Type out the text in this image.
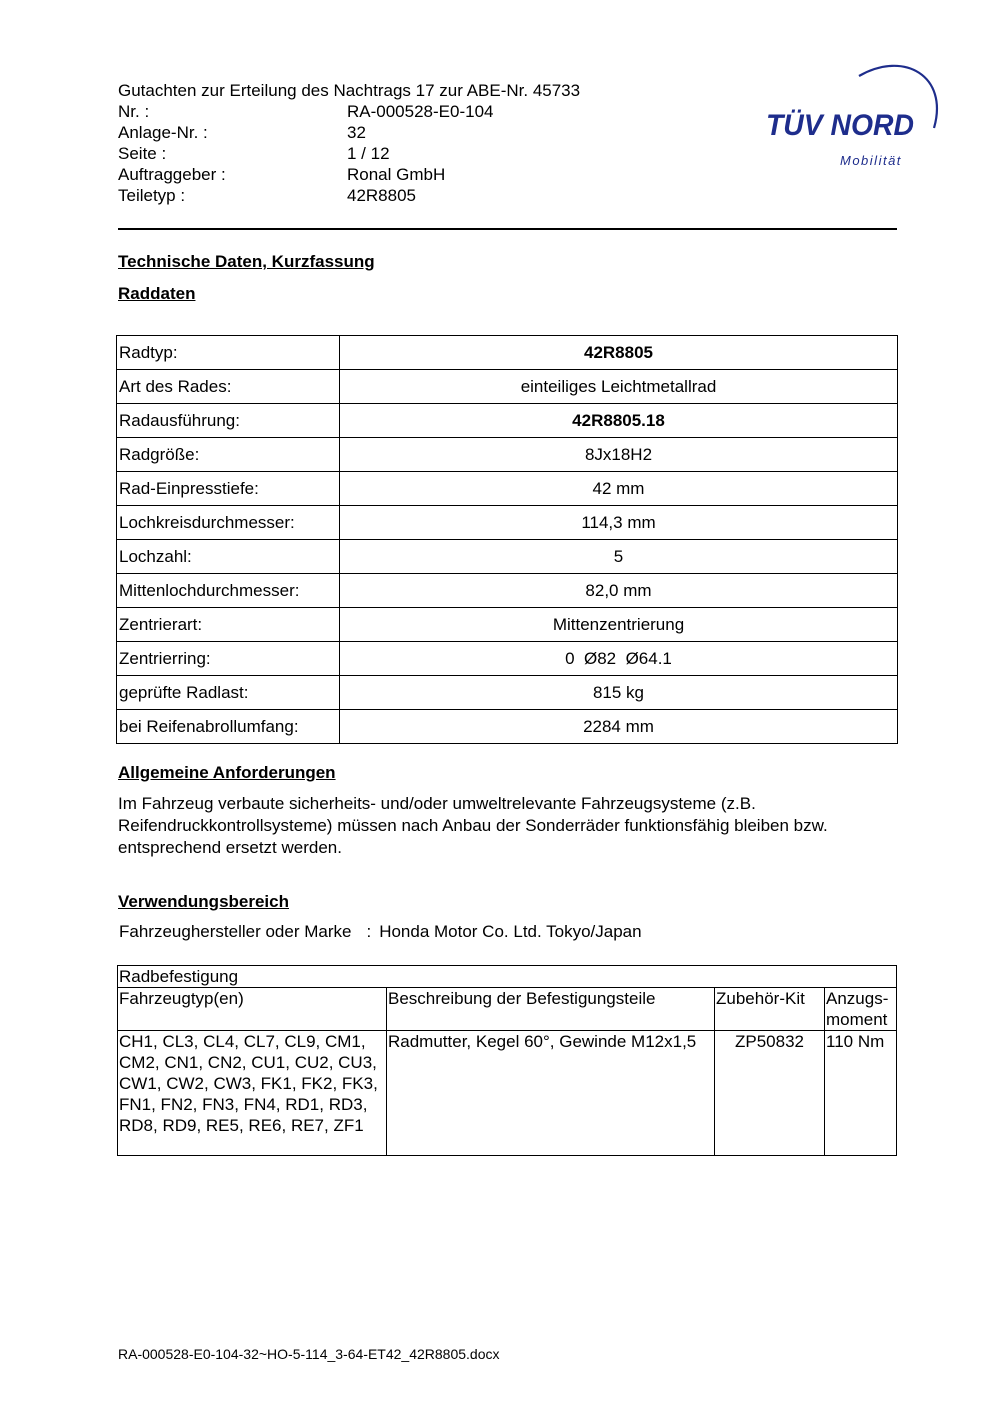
Gutachten zur Erteilung des Nachtrags 17 zur ABE-Nr. 45733
Nr. :	RA-000528-E0-104
Anlage-Nr. :	32
Seite :	1 / 12
Auftraggeber :	Ronal GmbH
Teiletyp :	42R8805
TÜV NORD
Mobilität
Technische Daten, Kurzfassung
Raddaten
Radtyp:	42R8805
Art des Rades:	einteiliges Leichtmetallrad
Radausführung:	42R8805.18
Radgröße:	8Jx18H2
Rad-Einpresstiefe:	42 mm
Lochkreisdurchmesser:	114,3 mm
Lochzahl:	5
Mittenlochdurchmesser:	82,0 mm
Zentrierart:	Mittenzentrierung
Zentrierring:	0  Ø82  Ø64.1
geprüfte Radlast:	815 kg
bei Reifenabrollumfang:	2284 mm
Allgemeine Anforderungen
Im Fahrzeug verbaute sicherheits- und/oder umweltrelevante Fahrzeugsysteme (z.B. Reifendruckkontrollsysteme) müssen nach Anbau der Sonderräder funktionsfähig bleiben bzw. entsprechend ersetzt werden.
Verwendungsbereich
Fahrzeughersteller oder Marke : Honda Motor Co. Ltd. Tokyo/Japan
Radbefestigung			
Fahrzeugtyp(en)	Beschreibung der Befestigungsteile	Zubehör-Kit	Anzugs-moment
CH1, CL3, CL4, CL7, CL9, CM1, CM2, CN1, CN2, CU1, CU2, CU3, CW1, CW2, CW3, FK1, FK2, FK3, FN1, FN2, FN3, FN4, RD1, RD3, RD8, RD9, RE5, RE6, RE7, ZF1	Radmutter, Kegel 60°, Gewinde M12x1,5	ZP50832	110 Nm
RA-000528-E0-104-32~HO-5-114_3-64-ET42_42R8805.docx
